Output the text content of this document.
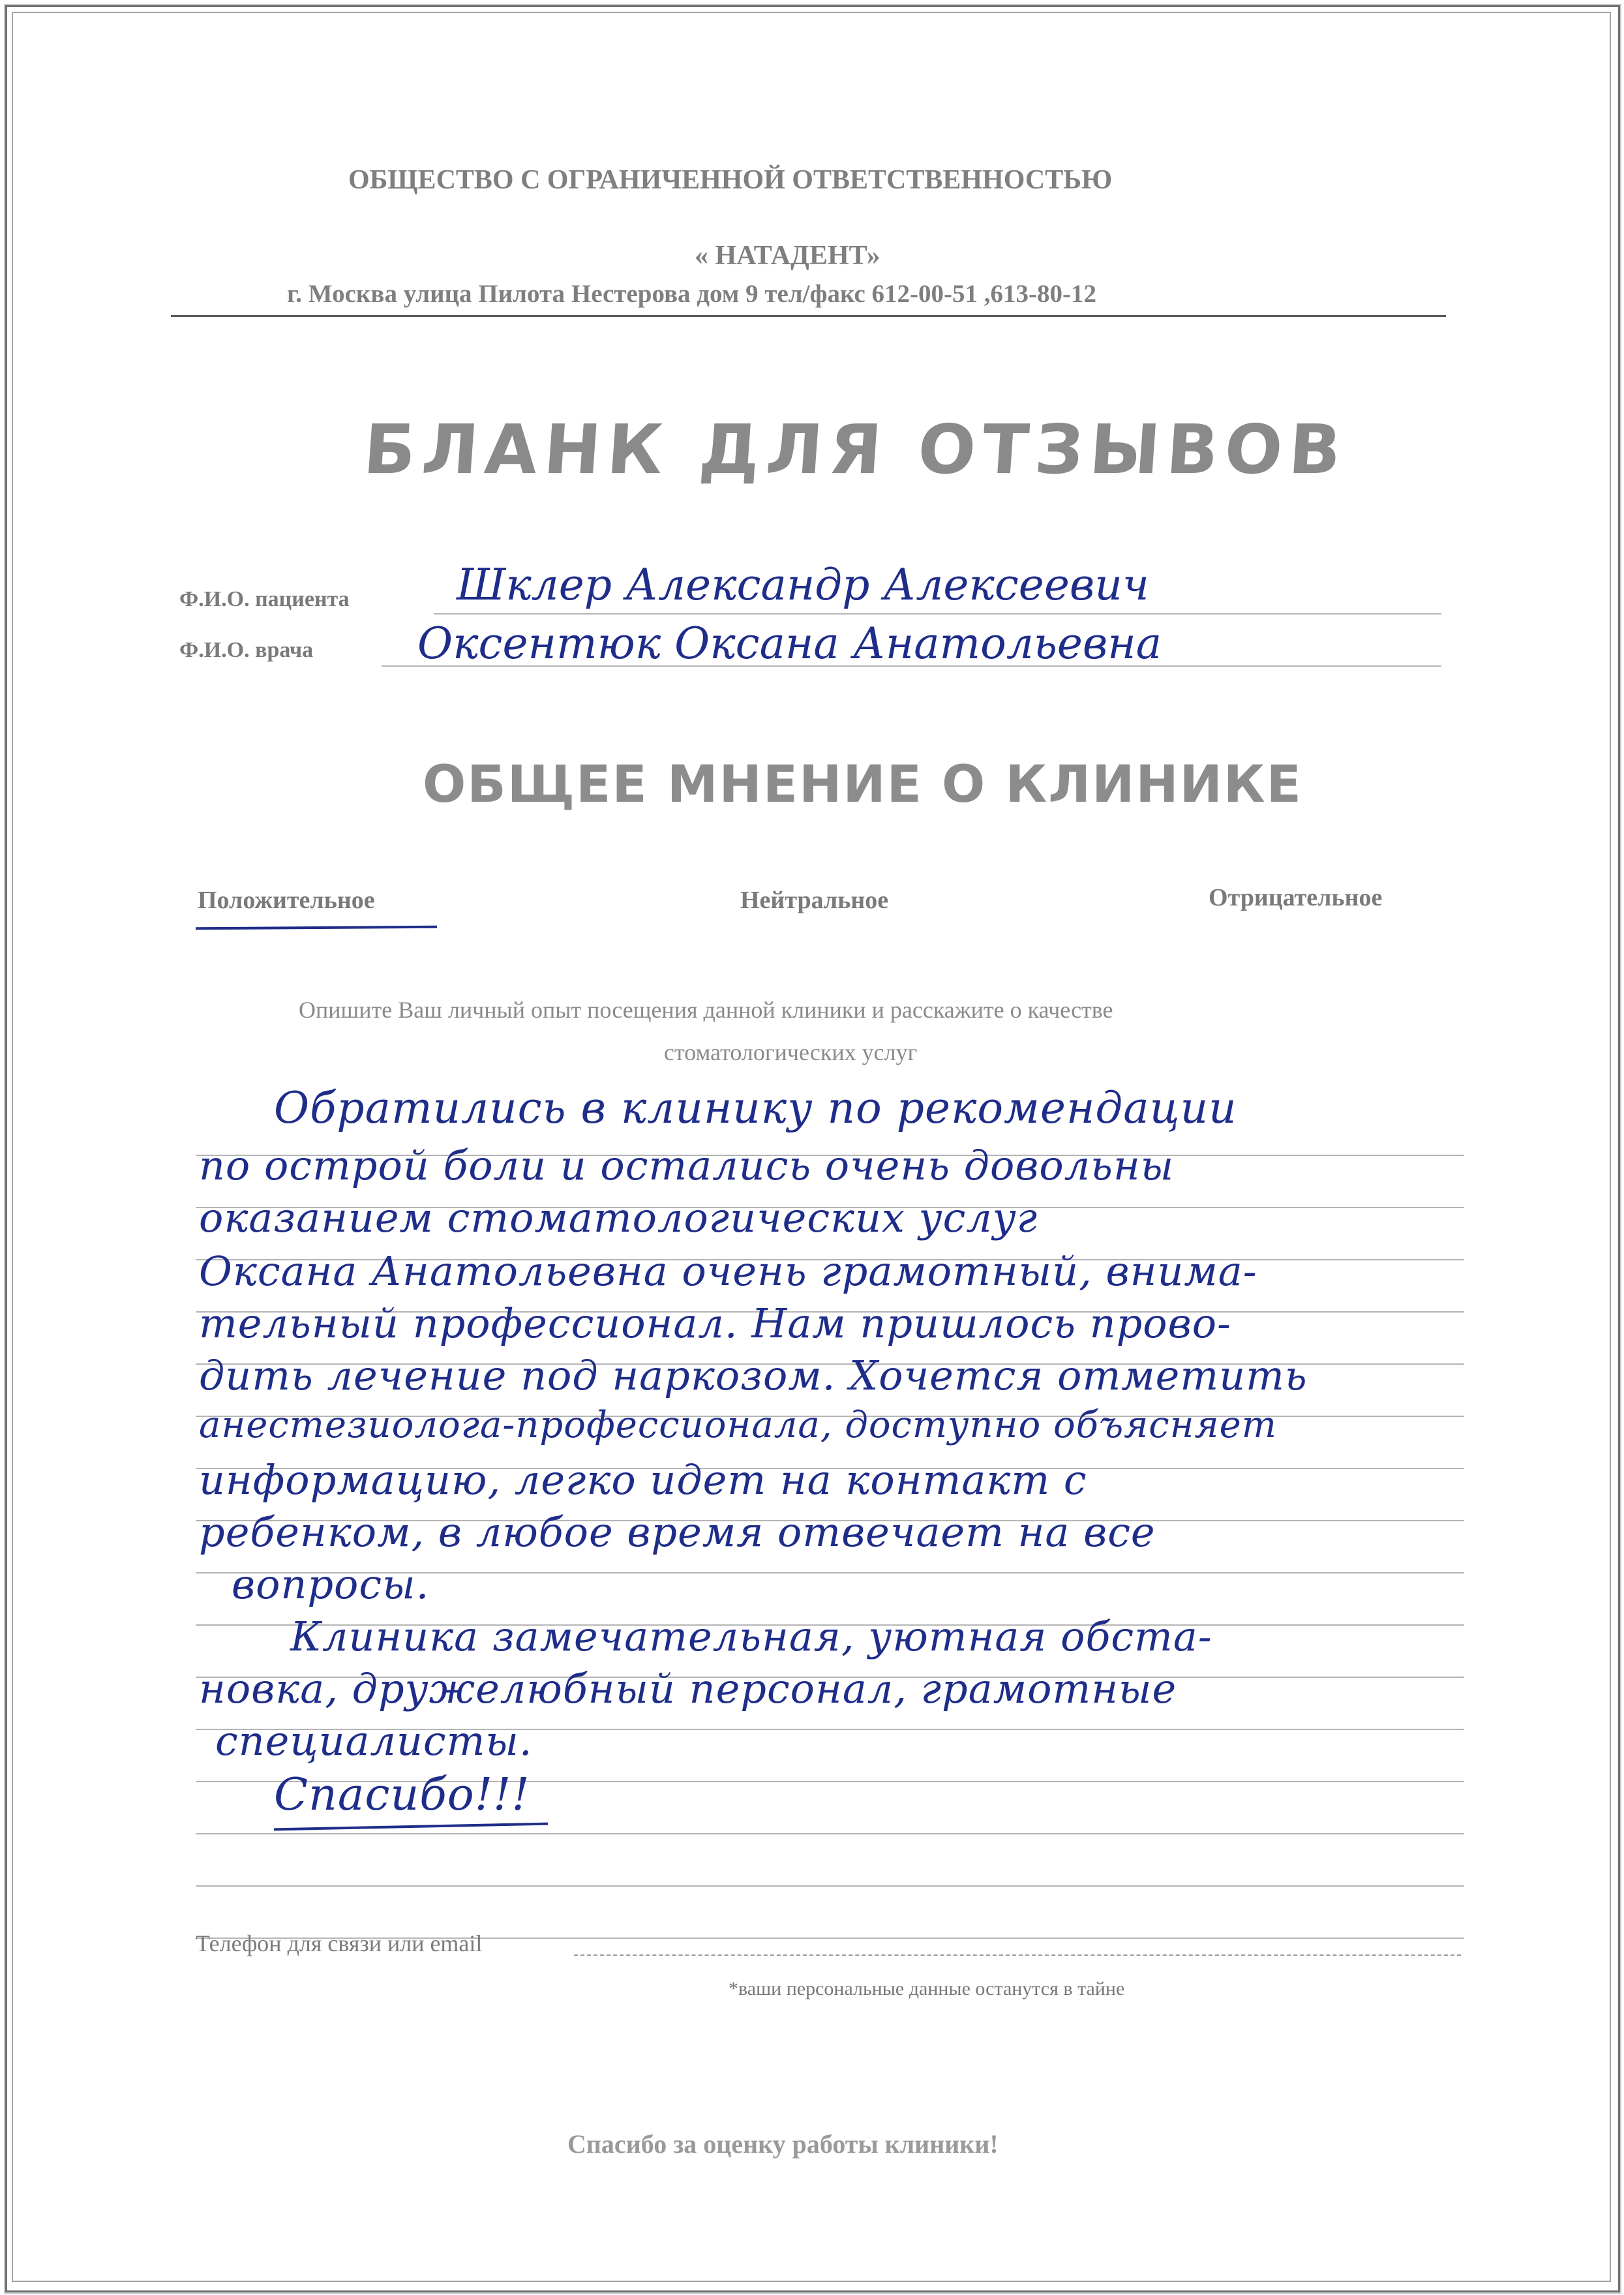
ОБЩЕСТВО С ОГРАНИЧЕННОЙ ОТВЕТСТВЕННОСТЬЮ
« НАТАДЕНТ»
г. Москва улица Пилота Нестерова дом 9 тел/факс 612-00-51 ,613-80-12
БЛАНК ДЛЯ ОТЗЫВОВ
Ф.И.О. пациента Шклер Александр Алексеевич
Ф.И.О. врача Оксентюк Оксана Анатольевна
ОБЩЕЕ МНЕНИЕ О КЛИНИКЕ
Положительное	Нейтральное	Отрицательное
Опишите Ваш личный опыт посещения данной клиники и расскажите о качестве
стоматологических услуг
Обратились в клинику по рекомендации
по острой боли и остались очень довольны
оказанием стоматологических услуг
Оксана Анатольевна очень грамотный, внима-
тельный профессионал. Нам пришлось прово-
дить лечение под наркозом. Хочется отметить
анестезиолога-профессионала, доступно объясняет
информацию, легко идет на контакт с
ребенком, в любое время отвечает на все
вопросы.
Клиника замечательная, уютная обста-
новка, дружелюбный персонал, грамотные
специалисты.
Спасибо!!!
Телефон для связи или email
*ваши персональные данные останутся в тайне
Спасибо за оценку работы клиники!
